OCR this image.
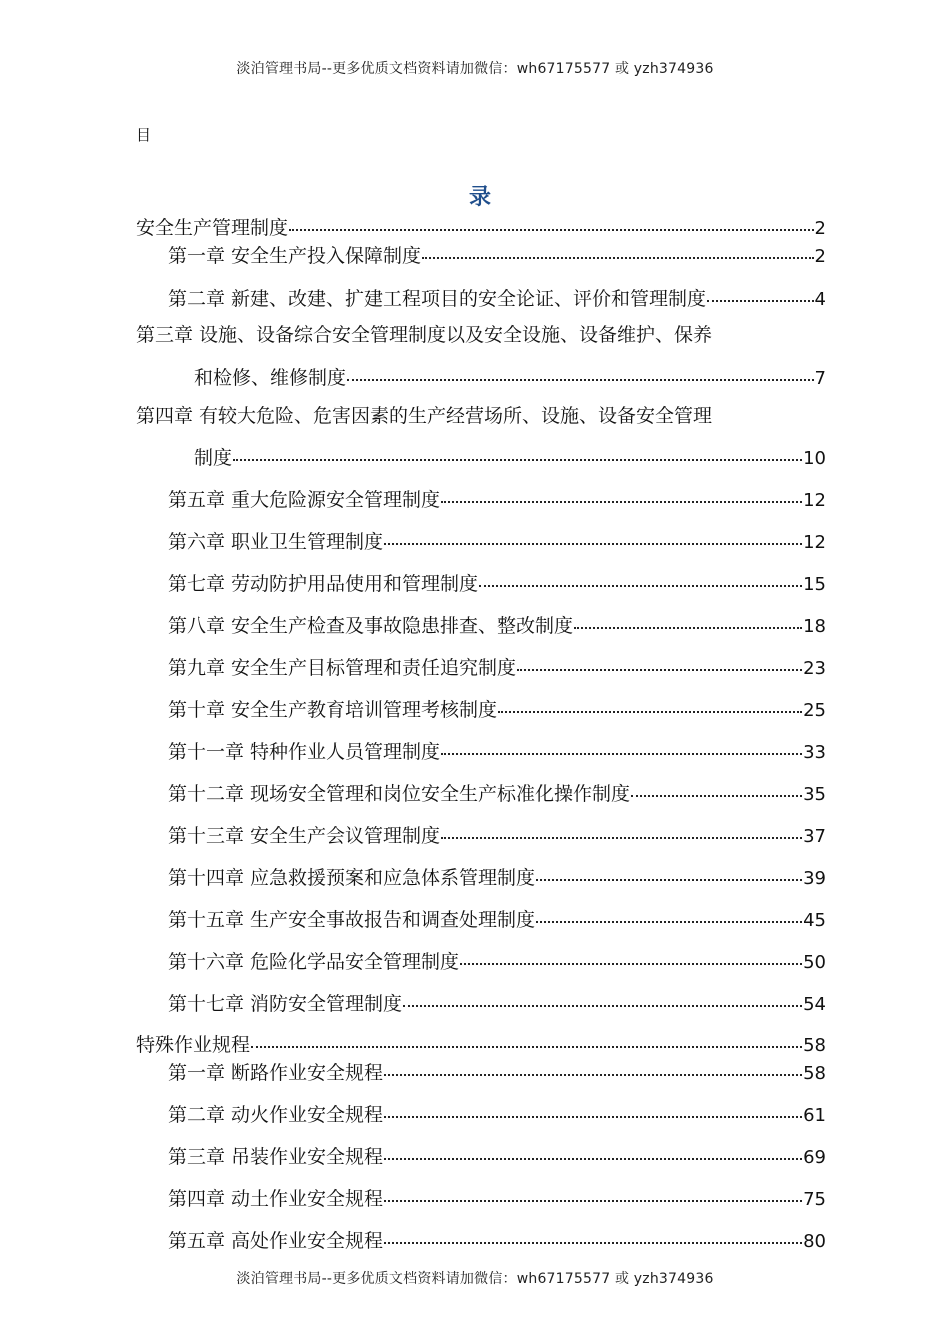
淡泊管理书局--更多优质文档资料请加微信：wh67175577 或 yzh374936
目
录
安全生产管理制度	2
第一章 安全生产投入保障制度	2
第二章 新建、改建、扩建工程项目的安全论证、评价和管理制度	4
第三章 设施、设备综合安全管理制度以及安全设施、设备维护、保养
和检修、维修制度	7
第四章 有较大危险、危害因素的生产经营场所、设施、设备安全管理
制度	10
第五章 重大危险源安全管理制度	12
第六章 职业卫生管理制度	12
第七章 劳动防护用品使用和管理制度	15
第八章 安全生产检查及事故隐患排查、整改制度	18
第九章 安全生产目标管理和责任追究制度	23
第十章 安全生产教育培训管理考核制度	25
第十一章 特种作业人员管理制度	33
第十二章 现场安全管理和岗位安全生产标准化操作制度	35
第十三章 安全生产会议管理制度	37
第十四章 应急救援预案和应急体系管理制度	39
第十五章 生产安全事故报告和调查处理制度	45
第十六章 危险化学品安全管理制度	50
第十七章 消防安全管理制度	54
特殊作业规程	58
第一章 断路作业安全规程	58
第二章 动火作业安全规程	61
第三章 吊装作业安全规程	69
第四章 动土作业安全规程	75
第五章 高处作业安全规程	80
淡泊管理书局--更多优质文档资料请加微信：wh67175577 或 yzh374936
